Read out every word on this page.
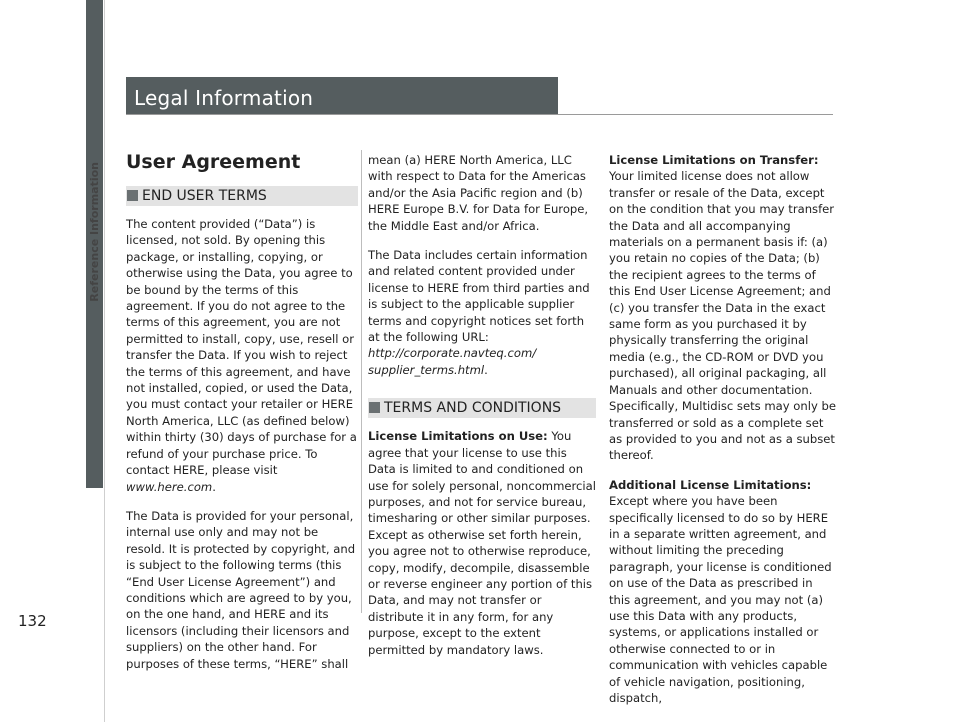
Reference Information
132
Legal Information
User Agreement
END USER TERMS

The content provided (“Data”) is licensed, not sold. By opening this package, or installing, copying, or otherwise using the Data, you agree to be bound by the terms of this agreement. If you do not agree to the terms of this agreement, you are not permitted to install, copy, use, resell or transfer the Data. If you wish to reject the terms of this agreement, and have not installed, copied, or used the Data, you must contact your retailer or HERE North America, LLC (as defined below) within thirty (30) days of purchase for a refund of your purchase price. To contact HERE, please visit www.here.com.

The Data is provided for your personal, internal use only and may not be resold. It is protected by copyright, and is subject to the following terms (this “End User License Agreement”) and conditions which are agreed to by you, on the one hand, and HERE and its licensors (including their licensors and suppliers) on the other hand. For purposes of these terms, “HERE” shall

mean (a) HERE North America, LLC with respect to Data for the Americas and/or the Asia Pacific region and (b) HERE Europe B.V. for Data for Europe, the Middle East and/or Africa.

The Data includes certain information and related content provided under license to HERE from third parties and is subject to the applicable supplier terms and copyright notices set forth at the following URL:
http://corporate.navteq.com/
supplier_terms.html.

TERMS AND CONDITIONS

License Limitations on Use: You agree that your license to use this Data is limited to and conditioned on use for solely personal, noncommercial purposes, and not for service bureau, timesharing or other similar purposes. Except as otherwise set forth herein, you agree not to otherwise reproduce, copy, modify, decompile, disassemble or reverse engineer any portion of this Data, and may not transfer or distribute it in any form, for any purpose, except to the extent permitted by mandatory laws.

License Limitations on Transfer: Your limited license does not allow transfer or resale of the Data, except on the condition that you may transfer the Data and all accompanying materials on a permanent basis if: (a) you retain no copies of the Data; (b) the recipient agrees to the terms of this End User License Agreement; and (c) you transfer the Data in the exact same form as you purchased it by physically transferring the original media (e.g., the CD-ROM or DVD you purchased), all original packaging, all Manuals and other documentation. Specifically, Multidisc sets may only be transferred or sold as a complete set as provided to you and not as a subset thereof.

Additional License Limitations: Except where you have been specifically licensed to do so by HERE in a separate written agreement, and without limiting the preceding paragraph, your license is conditioned on use of the Data as prescribed in this agreement, and you may not (a) use this Data with any products, systems, or applications installed or otherwise connected to or in communication with vehicles capable of vehicle navigation, positioning, dispatch,
